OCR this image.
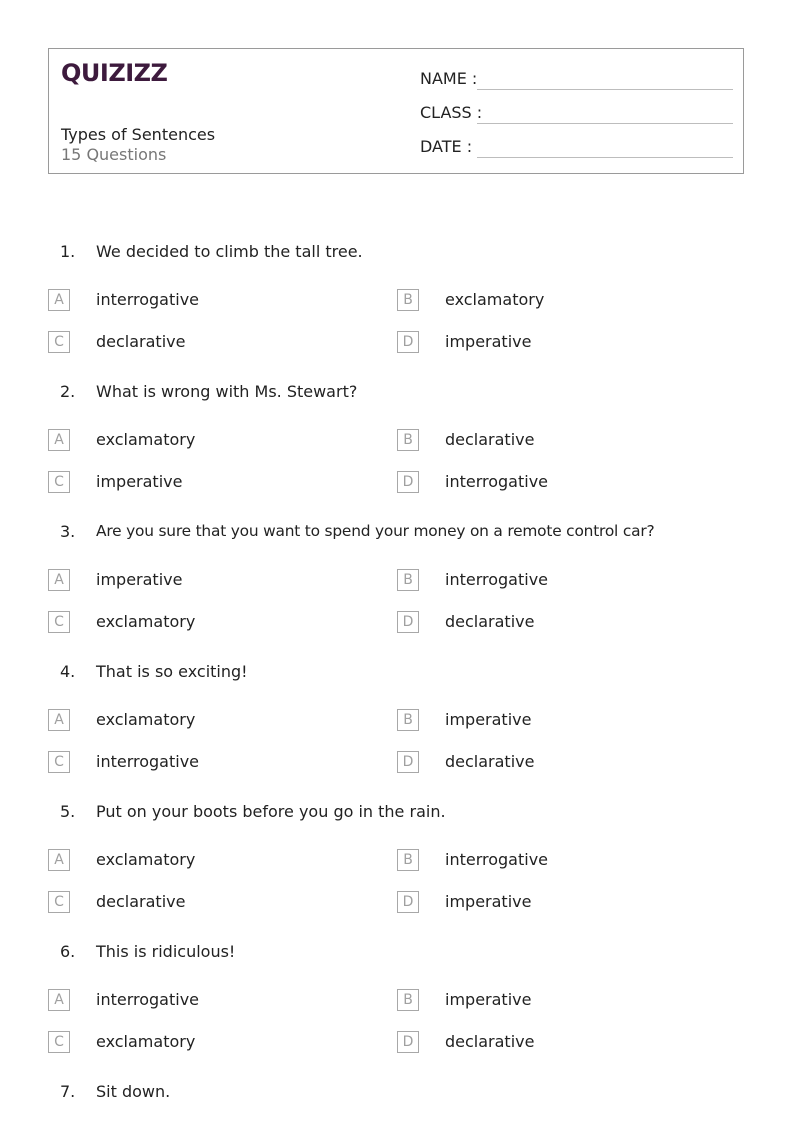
QUIZIZZ
Types of Sentences
15 Questions
NAME :
CLASS :
DATE :
1. We decided to climb the tall tree.
A	interrogative	B	exclamatory
C	declarative	D	imperative
2. What is wrong with Ms. Stewart?
A	exclamatory	B	declarative
C	imperative	D	interrogative
3. Are you sure that you want to spend your money on a remote control car?
A	imperative	B	interrogative
C	exclamatory	D	declarative
4. That is so exciting!
A	exclamatory	B	imperative
C	interrogative	D	declarative
5. Put on your boots before you go in the rain.
A	exclamatory	B	interrogative
C	declarative	D	imperative
6. This is ridiculous!
A	interrogative	B	imperative
C	exclamatory	D	declarative
7. Sit down.
